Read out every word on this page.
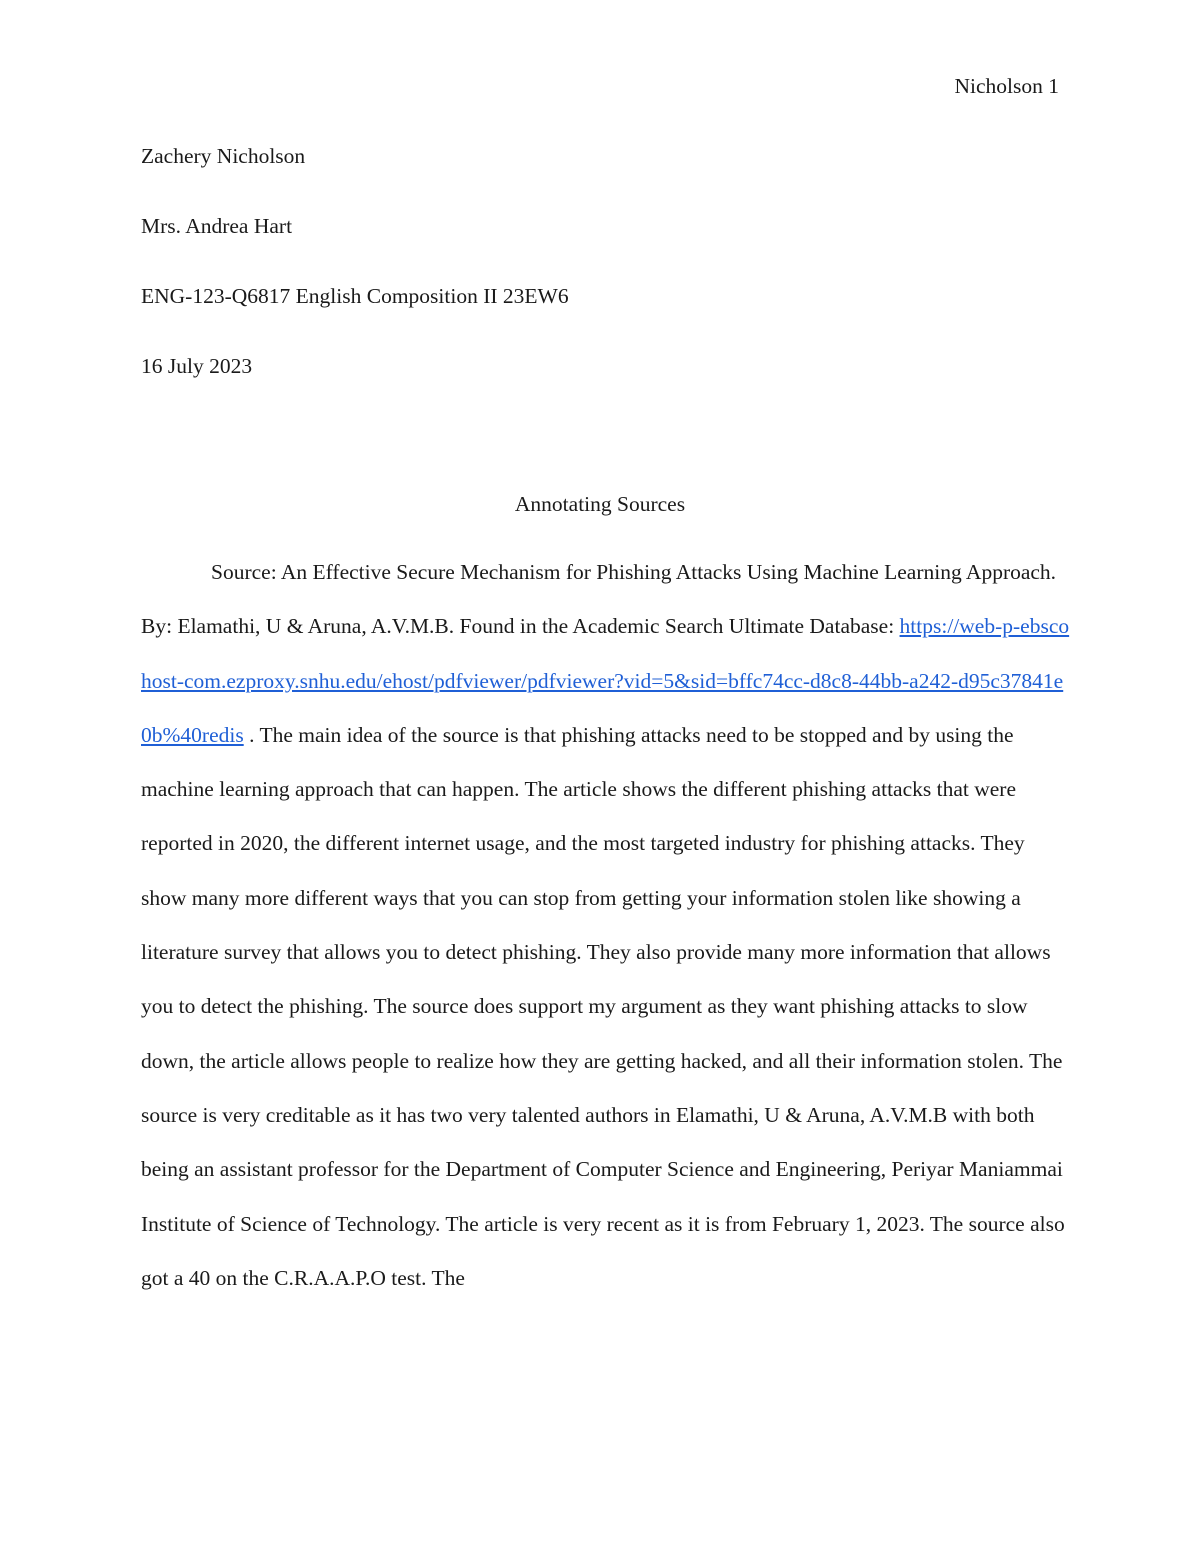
Nicholson 1
Zachery Nicholson
Mrs. Andrea Hart
ENG-123-Q6817 English Composition II 23EW6
16 July 2023
Annotating Sources

Source: An Effective Secure Mechanism for Phishing Attacks Using Machine Learning Approach. By: Elamathi, U & Aruna, A.V.M.B. Found in the Academic Search Ultimate Database: https://web-p-ebscohost-com.ezproxy.snhu.edu/ehost/pdfviewer/pdfviewer?vid=5&sid=bffc74cc-d8c8-44bb-a242-d95c37841e0b%40redis . The main idea of the source is that phishing attacks need to be stopped and by using the machine learning approach that can happen. The article shows the different phishing attacks that were reported in 2020, the different internet usage, and the most targeted industry for phishing attacks. They show many more different ways that you can stop from getting your information stolen like showing a literature survey that allows you to detect phishing. They also provide many more information that allows you to detect the phishing. The source does support my argument as they want phishing attacks to slow down, the article allows people to realize how they are getting hacked, and all their information stolen. The source is very creditable as it has two very talented authors in Elamathi, U & Aruna, A.V.M.B with both being an assistant professor for the Department of Computer Science and Engineering, Periyar Maniammai Institute of Science of Technology. The article is very recent as it is from February 1, 2023. The source also got a 40 on the C.R.A.A.P.O test. The
